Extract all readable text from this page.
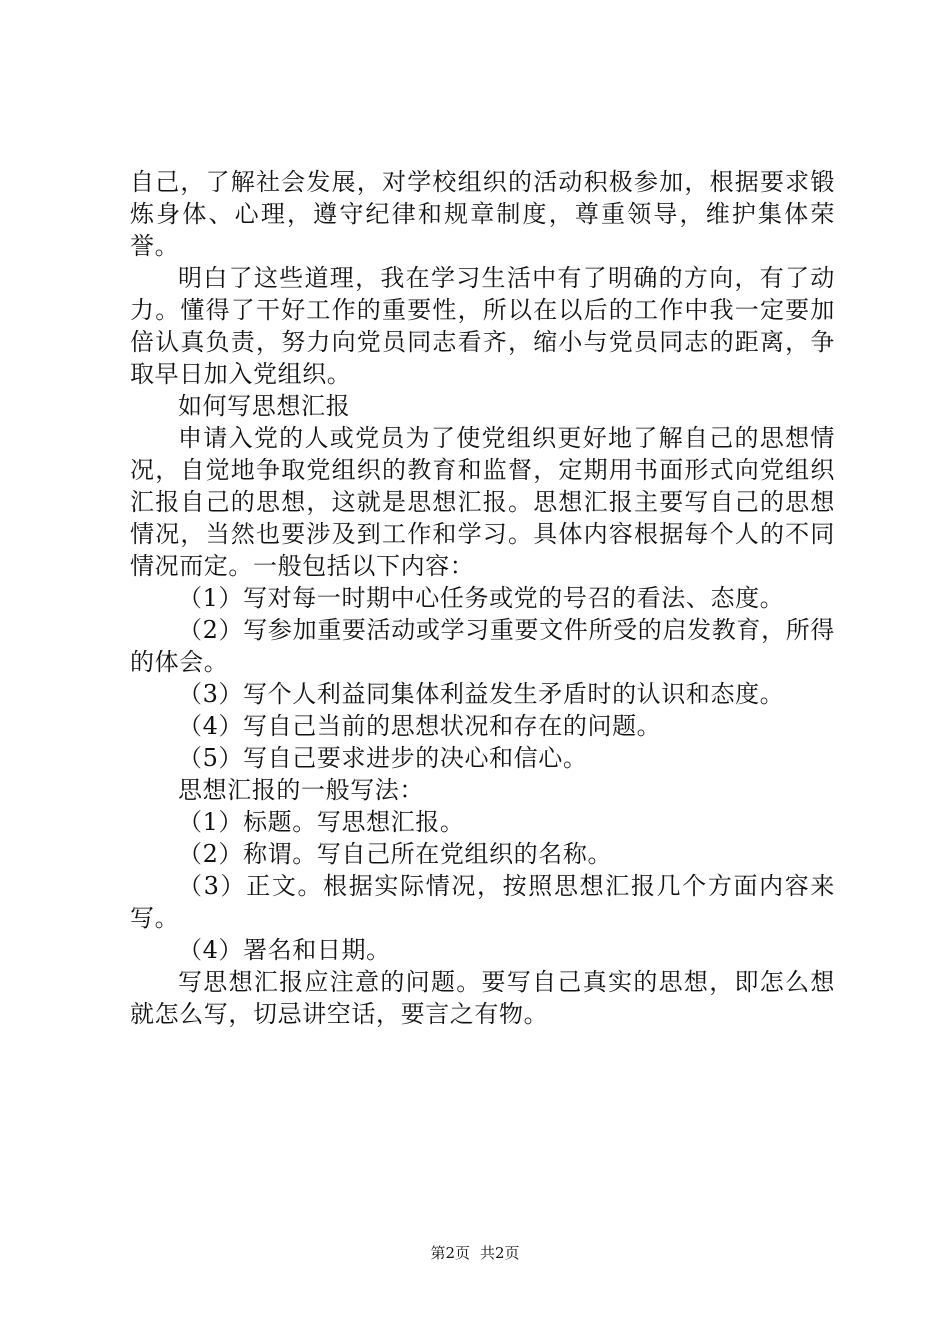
自己，了解社会发展，对学校组织的活动积极参加，根据要求锻炼身体、心理，遵守纪律和规章制度，尊重领导，维护集体荣誉。

明白了这些道理，我在学习生活中有了明确的方向，有了动力。懂得了干好工作的重要性，所以在以后的工作中我一定要加倍认真负责，努力向党员同志看齐，缩小与党员同志的距离，争取早日加入党组织。

如何写思想汇报

申请入党的人或党员为了使党组织更好地了解自己的思想情况，自觉地争取党组织的教育和监督，定期用书面形式向党组织汇报自己的思想，这就是思想汇报。思想汇报主要写自己的思想情况，当然也要涉及到工作和学习。具体内容根据每个人的不同情况而定。一般包括以下内容：

（1）写对每一时期中心任务或党的号召的看法、态度。

（2）写参加重要活动或学习重要文件所受的启发教育，所得的体会。

（3）写个人利益同集体利益发生矛盾时的认识和态度。

（4）写自己当前的思想状况和存在的问题。

（5）写自己要求进步的决心和信心。

思想汇报的一般写法：

（1）标题。写思想汇报。

（2）称谓。写自己所在党组织的名称。

（3）正文。根据实际情况，按照思想汇报几个方面内容来写。

（4）署名和日期。

写思想汇报应注意的问题。要写自己真实的思想，即怎么想就怎么写，切忌讲空话，要言之有物。

第2页 共2页
